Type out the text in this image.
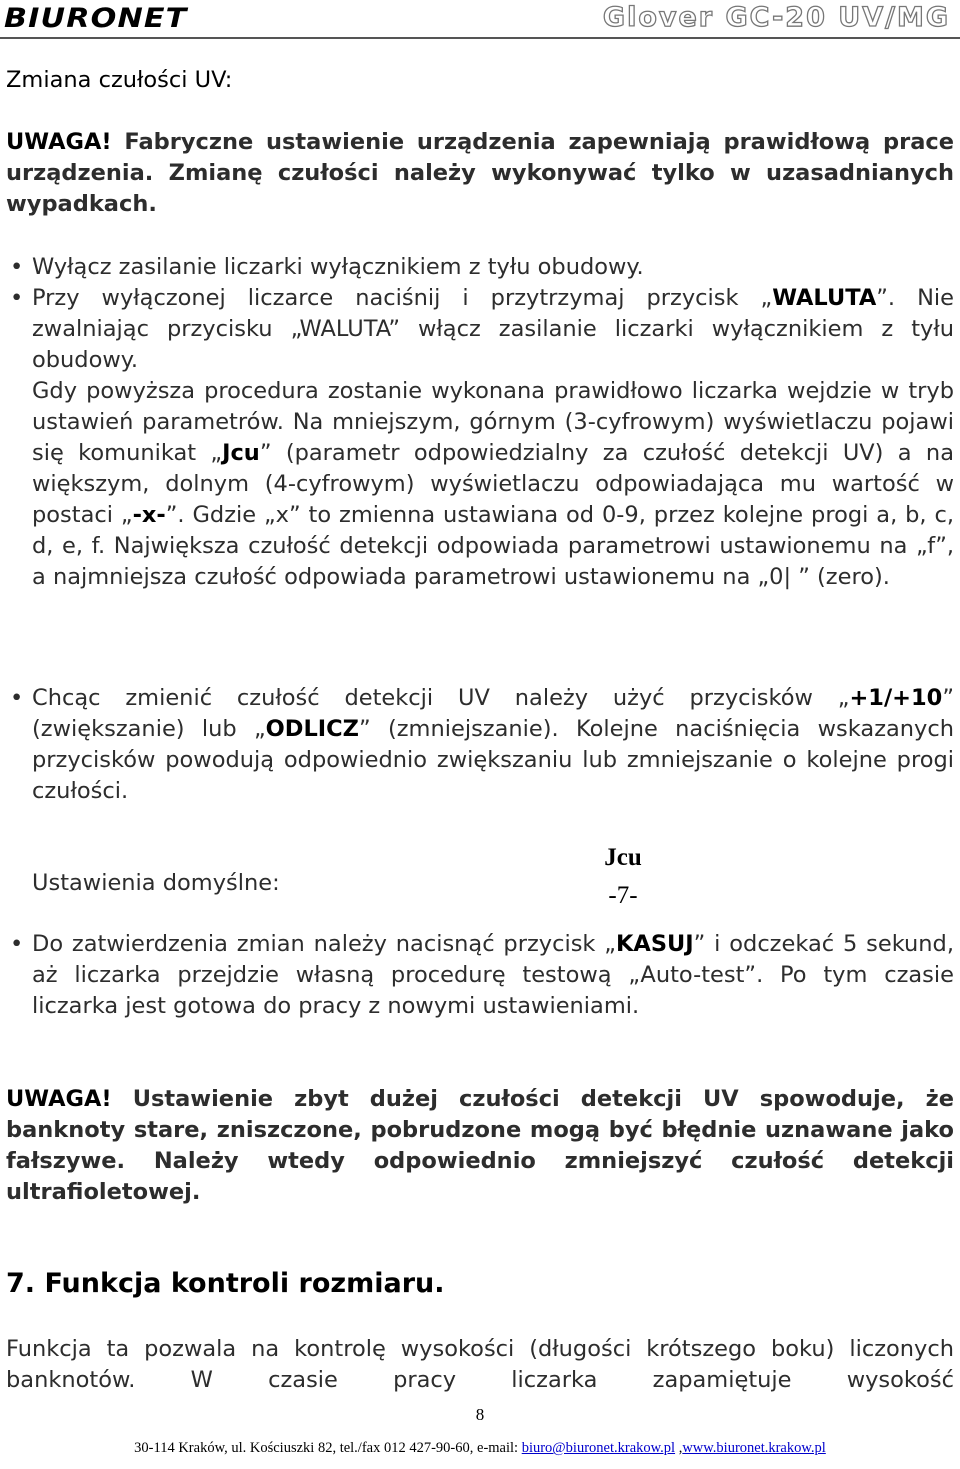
BIURONET	Glover GC-20 UV/MG

Zmiana czułości UV:

UWAGA! Fabryczne ustawienie urządzenia zapewniają prawidłową prace urządzenia. Zmianę czułości należy wykonywać tylko w uzasadnianych wypadkach.

• Wyłącz zasilanie liczarki wyłącznikiem z tyłu obudowy.
• Przy wyłączonej liczarce naciśnij i przytrzymaj przycisk „WALUTA”. Nie zwalniając przycisku „WALUTA” włącz zasilanie liczarki wyłącznikiem z tyłu obudowy.
Gdy powyższa procedura zostanie wykonana prawidłowo liczarka wejdzie w tryb ustawień parametrów. Na mniejszym, górnym (3-cyfrowym) wyświetlaczu pojawi się komunikat „Jcu” (parametr odpowiedzialny za czułość detekcji UV) a na większym, dolnym (4-cyfrowym) wyświetlaczu odpowiadająca mu wartość w postaci „-x-”. Gdzie „x” to zmienna ustawiana od 0-9, przez kolejne progi a, b, c, d, e, f. Największa czułość detekcji odpowiada parametrowi ustawionemu na „f”, a najmniejsza czułość odpowiada parametrowi ustawionemu na „0| ” (zero).
• Chcąc zmienić czułość detekcji UV należy użyć przycisków „+1/+10” (zwiększanie) lub „ODLICZ” (zmniejszanie). Kolejne naciśnięcia wskazanych przycisków powodują odpowiednio zwiększaniu lub zmniejszanie o kolejne progi czułości.

Ustawienia domyślne:

Jcu
-7-
• Do zatwierdzenia zmian należy nacisnąć przycisk „KASUJ” i odczekać 5 sekund, aż liczarka przejdzie własną procedurę testową „Auto-test”. Po tym czasie liczarka jest gotowa do pracy z nowymi ustawieniami.

UWAGA! Ustawienie zbyt dużej czułości detekcji UV spowoduje, że banknoty stare, zniszczone, pobrudzone mogą być błędnie uznawane jako fałszywe. Należy wtedy odpowiednio zmniejszyć czułość detekcji ultrafioletowej.

7. Funkcja kontroli rozmiaru.

Funkcja ta pozwala na kontrolę wysokości (długości krótszego boku) liczonych banknotów. W czasie pracy liczarka zapamiętuje wysokość

8
30-114 Kraków, ul. Kościuszki 82, tel./fax 012 427-90-60, e-mail: biuro@biuronet.krakow.pl ,www.biuronet.krakow.pl
